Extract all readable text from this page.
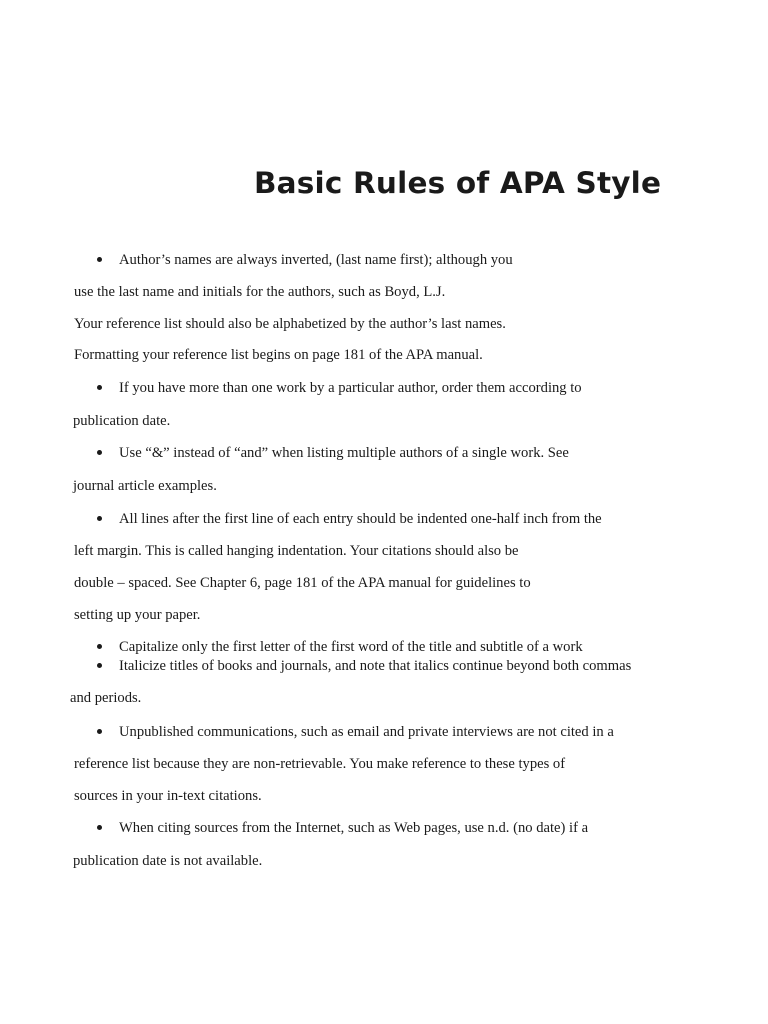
Basic Rules of APA Style

Author’s names are always inverted, (last name first); although you

use the last name and initials for the authors, such as Boyd, L.J.

Your reference list should also be alphabetized by the author’s last names.

Formatting your reference list begins on page 181 of the APA manual.

If you have more than one work by a particular author, order them according to

publication date.

Use “&” instead of “and” when listing multiple authors of a single work. See

journal article examples.

All lines after the first line of each entry should be indented one-half inch from the

left margin. This is called hanging indentation. Your citations should also be

double – spaced. See Chapter 6, page 181 of the APA manual for guidelines to

setting up your paper.

Capitalize only the first letter of the first word of the title and subtitle of a work

Italicize titles of books and journals, and note that italics continue beyond both commas

and periods.

Unpublished communications, such as email and private interviews are not cited in a

reference list because they are non-retrievable. You make reference to these types of

sources in your in-text citations.

When citing sources from the Internet, such as Web pages, use n.d. (no date) if a

publication date is not available.
